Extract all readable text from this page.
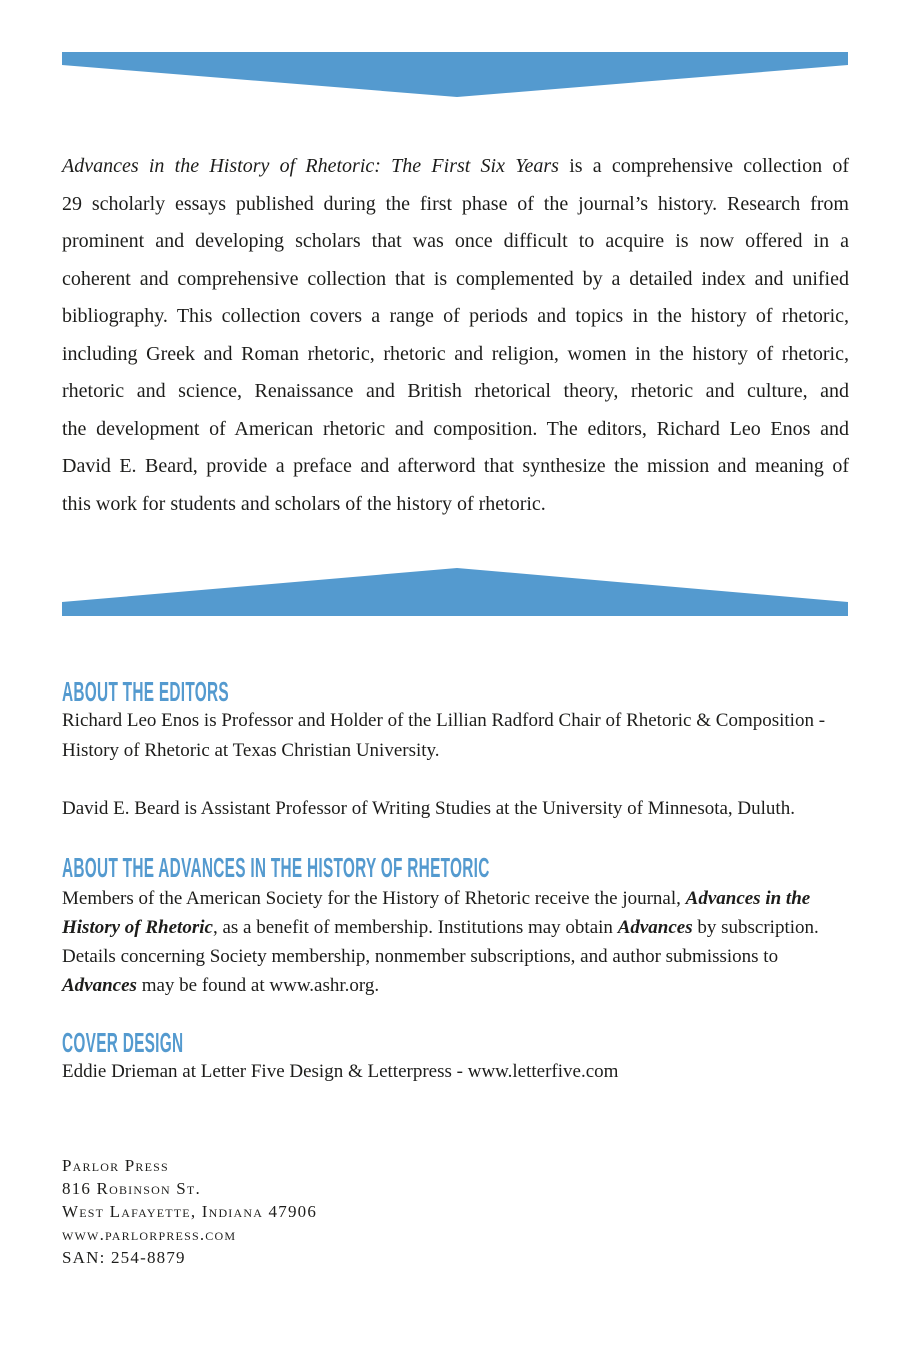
Advances in the History of Rhetoric: The First Six Years is a comprehensive collection of
29 scholarly essays published during the first phase of the journal’s history. Research from
prominent and developing scholars that was once difficult to acquire is now offered in a
coherent and comprehensive collection that is complemented by a detailed index and unified
bibliography. This collection covers a range of periods and topics in the history of rhetoric,
including Greek and Roman rhetoric, rhetoric and religion, women in the history of rhetoric,
rhetoric and science, Renaissance and British rhetorical theory, rhetoric and culture, and
the development of American rhetoric and composition. The editors, Richard Leo Enos and
David E. Beard, provide a preface and afterword that synthesize the mission and meaning of
this work for students and scholars of the history of rhetoric.
ABOUT THE EDITORS
Richard Leo Enos is Professor and Holder of the Lillian Radford Chair of Rhetoric & Composition -
History of Rhetoric at Texas Christian University.
David E. Beard is Assistant Professor of Writing Studies at the University of Minnesota, Duluth.
ABOUT THE ADVANCES IN THE HISTORY OF RHETORIC
Members of the American Society for the History of Rhetoric receive the journal, Advances in the
History of Rhetoric, as a benefit of membership. Institutions may obtain Advances by subscription.
Details concerning Society membership, nonmember subscriptions, and author submissions to
Advances may be found at www.ashr.org.
COVER DESIGN
Eddie Drieman at Letter Five Design & Letterpress - www.letterfive.com
Parlor Press
816 Robinson St.
West Lafayette, Indiana 47906
www.parlorpress.com
SAN: 254-8879
